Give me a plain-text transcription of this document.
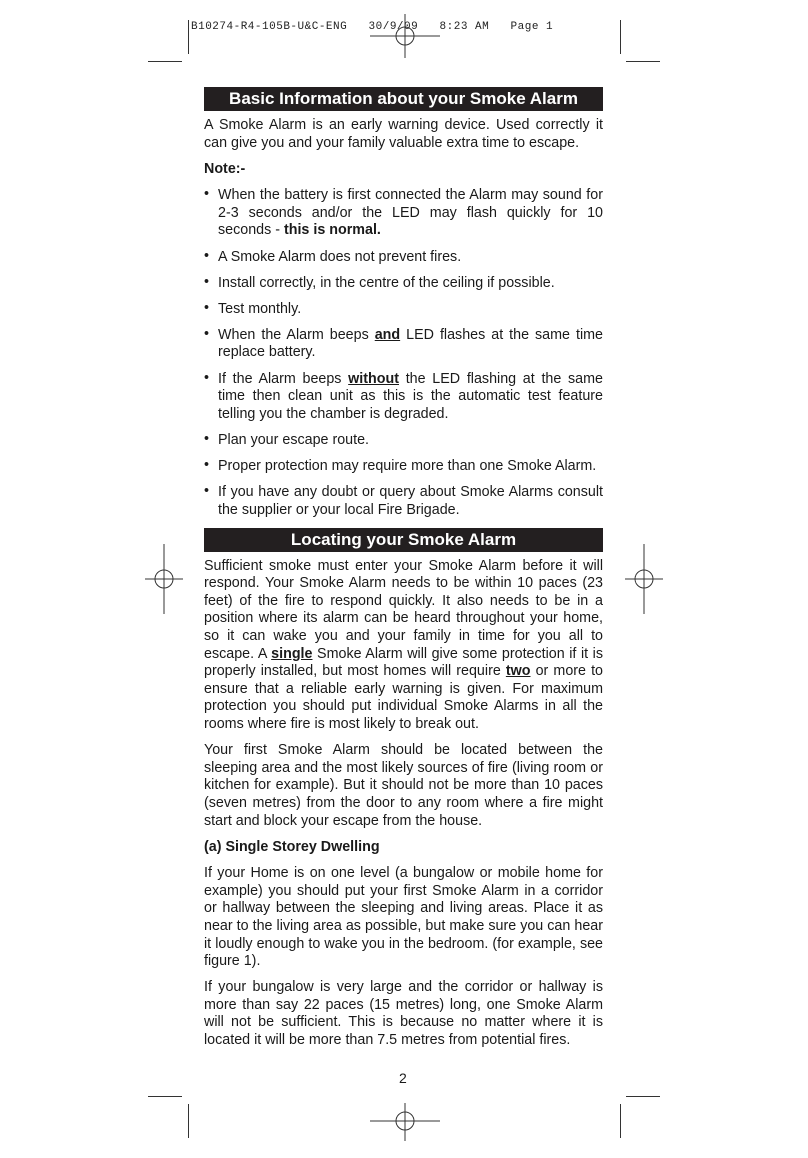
B10274-R4-105B-U&C-ENG   30/9/09   8:23 AM   Page 1
Basic Information about your Smoke Alarm

A Smoke Alarm is an early warning device. Used correctly it can give you and your family valuable extra time to escape.

Note:-
• When the battery is first connected the Alarm may sound for 2-3 seconds and/or the LED may flash quickly for 10 seconds - this is normal.
• A Smoke Alarm does not prevent fires.
• Install correctly, in the centre of the ceiling if possible.
• Test monthly.
• When the Alarm beeps and LED flashes at the same time replace battery.
• If the Alarm beeps without the LED flashing at the same time then clean unit as this is the automatic test feature telling you the chamber is degraded.
• Plan your escape route.
• Proper protection may require more than one Smoke Alarm.
• If you have any doubt or query about Smoke Alarms consult the supplier or your local Fire Brigade.
Locating your Smoke Alarm

Sufficient smoke must enter your Smoke Alarm before it will respond. Your Smoke Alarm needs to be within 10 paces (23 feet) of the fire to respond quickly. It also needs to be in a position where its alarm can be heard throughout your home, so it can wake you and your family in time for you all to escape. A single Smoke Alarm will give some protection if it is properly installed, but most homes will require two or more to ensure that a reliable early warning is given. For maximum protection you should put individual Smoke Alarms in all the rooms where fire is most likely to break out.

Your first Smoke Alarm should be located between the sleeping area and the most likely sources of fire (living room or kitchen for example). But it should not be more than 10 paces (seven metres) from the door to any room where a fire might start and block your escape from the house.

(a) Single Storey Dwelling

If your Home is on one level (a bungalow or mobile home for example) you should put your first Smoke Alarm in a corridor or hallway between the sleeping and living areas. Place it as near to the living area as possible, but make sure you can hear it loudly enough to wake you in the bedroom. (for example, see figure 1).

If your bungalow is very large and the corridor or hallway is more than say 22 paces (15 metres) long, one Smoke Alarm will not be sufficient. This is because no matter where it is located it will be more than 7.5 metres from potential fires.

2
